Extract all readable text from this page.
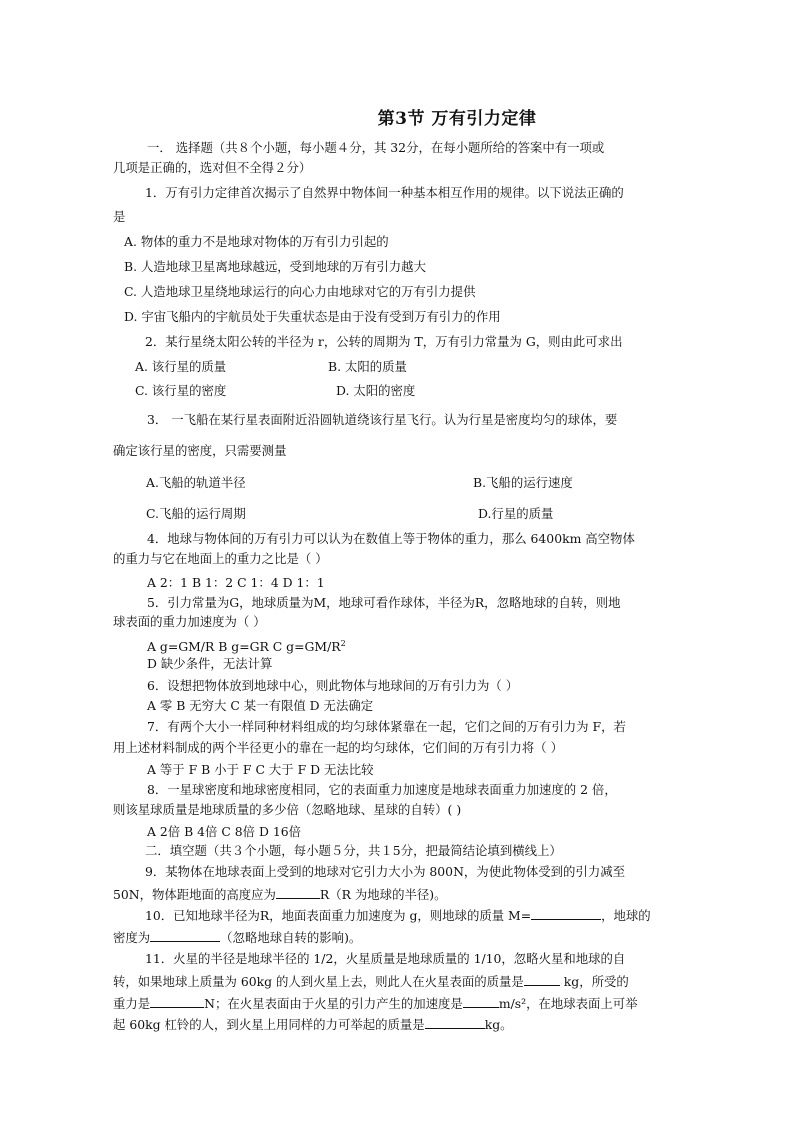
第3节 万有引力定律
一． 选择题（共８个小题，每小题４分，其 32分，在每小题所给的答案中有一项或
几项是正确的，选对但不全得２分）
1．万有引力定律首次揭示了自然界中物体间一种基本相互作用的规律。以下说法正确的
是
A. 物体的重力不是地球对物体的万有引力引起的
B. 人造地球卫星离地球越远，受到地球的万有引力越大
C. 人造地球卫星绕地球运行的向心力由地球对它的万有引力提供
D. 宇宙飞船内的宇航员处于失重状态是由于没有受到万有引力的作用
2．某行星绕太阳公转的半径为 r，公转的周期为 T，万有引力常量为 G，则由此可求出
A. 该行星的质量	B. 太阳的质量
C. 该行星的密度	D. 太阳的密度
3． 一飞船在某行星表面附近沿圆轨道绕该行星飞行。认为行星是密度均匀的球体，要
确定该行星的密度，只需要测量
A.飞船的轨道半径	B.飞船的运行速度
C.飞船的运行周期	D.行星的质量
4．地球与物体间的万有引力可以认为在数值上等于物体的重力，那么 6400km 高空物体
的重力与它在地面上的重力之比是（ ）
A 2：1 B 1：2 C 1：4 D 1：1
5．引力常量为G，地球质量为M，地球可看作球体，半径为R，忽略地球的自转，则地
球表面的重力加速度为（ ）
A g=GM/R B g=GR C $g=GM/R^2$
D 缺少条件，无法计算
6．设想把物体放到地球中心，则此物体与地球间的万有引力为（ ）
A 零 B 无穷大 C 某一有限值 D 无法确定
7．有两个大小一样同种材料组成的均匀球体紧靠在一起，它们之间的万有引力为 F，若
用上述材料制成的两个半径更小的靠在一起的均匀球体，它们间的万有引力将（ ）
A 等于 F B 小于 F C 大于 F D 无法比较
8．一星球密度和地球密度相同，它的表面重力加速度是地球表面重力加速度的 2 倍，
则该星球质量是地球质量的多少倍（忽略地球、星球的自转）( )
A 2倍 B 4倍 C 8倍 D 16倍
二．填空题（共３个小题，每小题５分，共１5分，把最简结论填到横线上）
9．某物体在地球表面上受到的地球对它引力大小为 800N，为使此物体受到的引力减至
50N，物体距地面的高度应为	R（R 为地球的半径)。
10．已知地球半径为R，地面表面重力加速度为 g，则地球的质量 M=	，地球的
密度为	（忽略地球自转的影响)。
11．火星的半径是地球半径的 1/2，火星质量是地球质量的 1/10，忽略火星和地球的自
转，如果地球上质量为 60kg 的人到火星上去，则此人在火星表面的质量是	kg，所受的
重力是	N；在火星表面由于火星的引力产生的加速度是	m/s²，在地球表面上可举
起 60kg 杠铃的人，到火星上用同样的力可举起的质量是	kg。
